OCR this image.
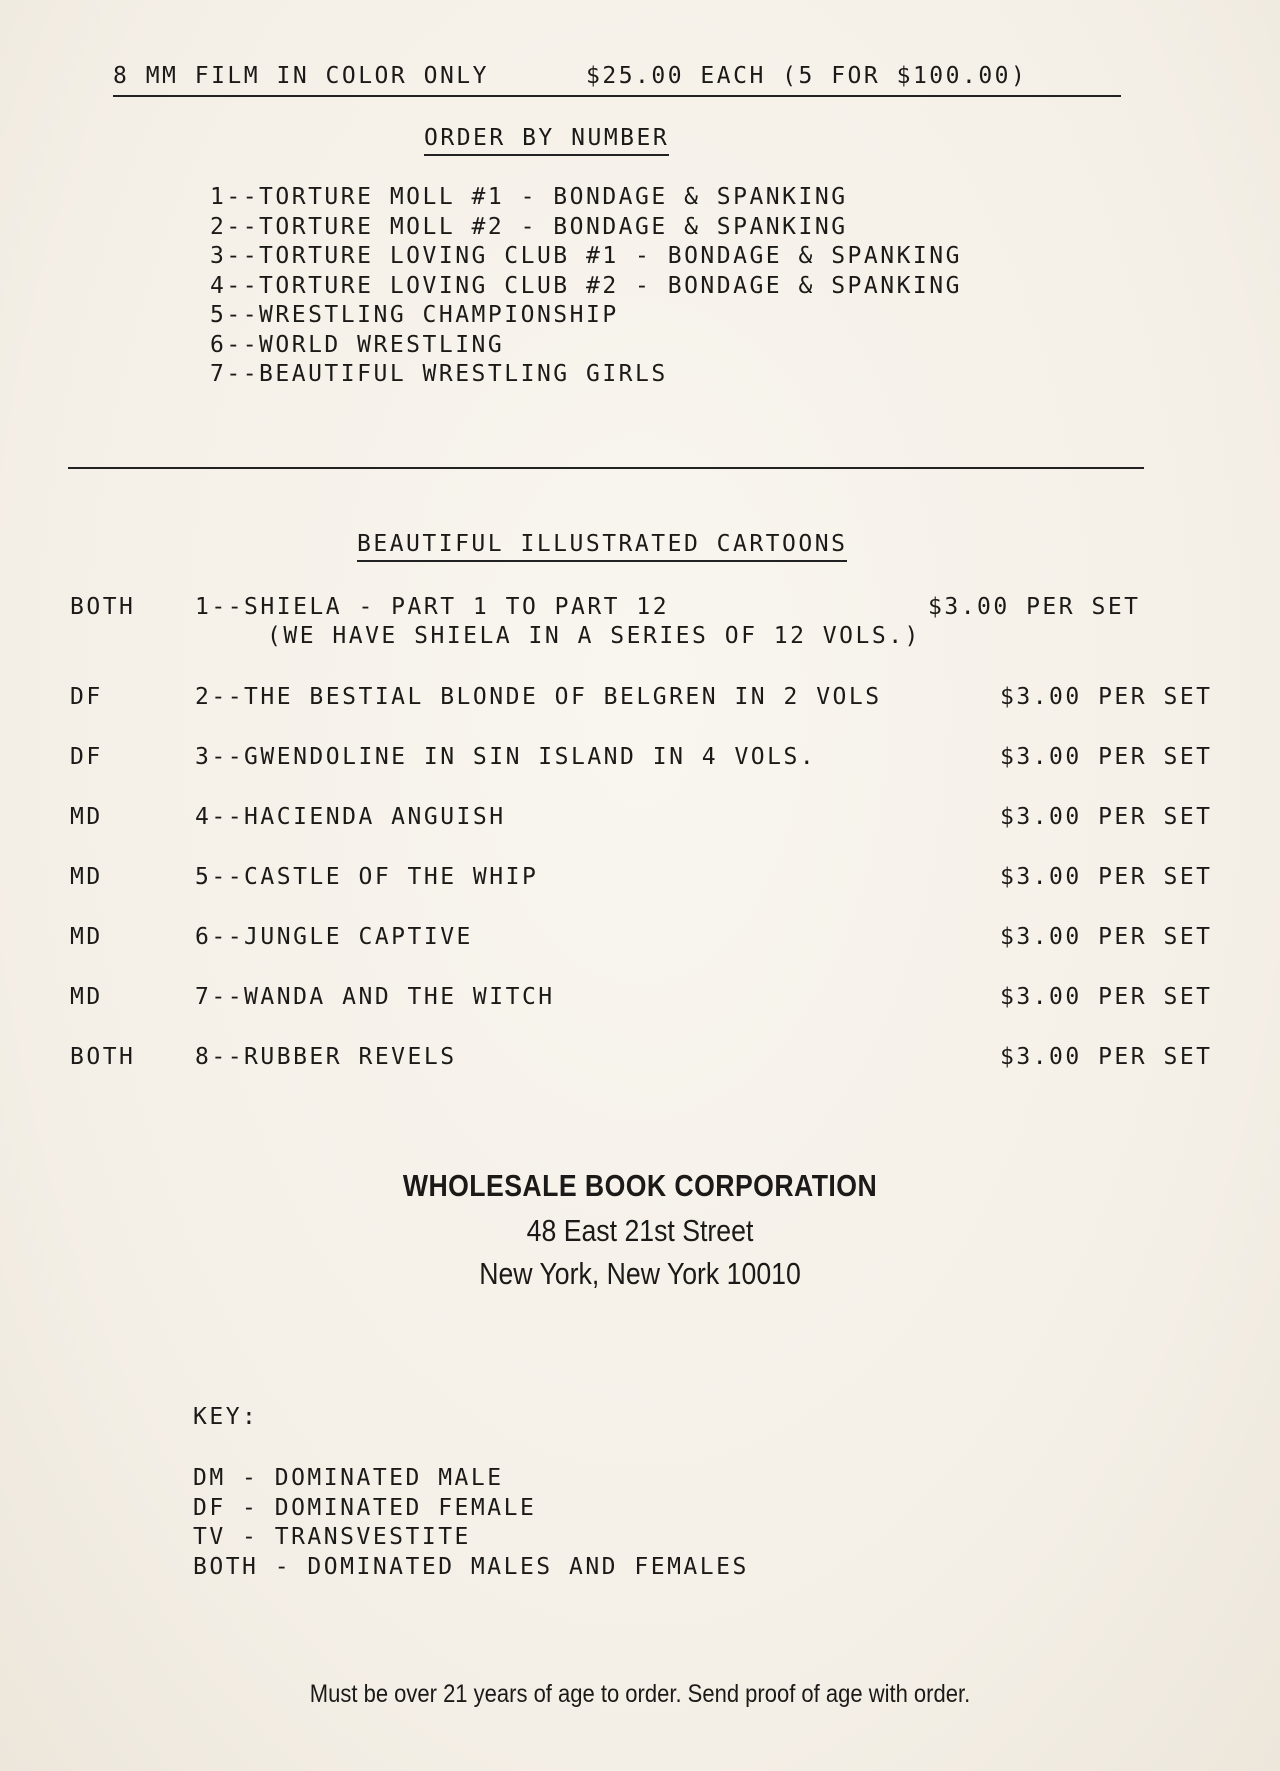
8 MM FILM IN COLOR ONLY	$25.00 EACH (5 FOR $100.00)
ORDER BY NUMBER
1--TORTURE MOLL #1 - BONDAGE & SPANKING
2--TORTURE MOLL #2 - BONDAGE & SPANKING
3--TORTURE LOVING CLUB #1 - BONDAGE & SPANKING
4--TORTURE LOVING CLUB #2 - BONDAGE & SPANKING
5--WRESTLING CHAMPIONSHIP
6--WORLD WRESTLING
7--BEAUTIFUL WRESTLING GIRLS
BEAUTIFUL ILLUSTRATED CARTOONS
BOTH	1--SHIELA - PART 1 TO PART 12	$3.00 PER SET
(WE HAVE SHIELA IN A SERIES OF 12 VOLS.)
DF	2--THE BESTIAL BLONDE OF BELGREN IN 2 VOLS	$3.00 PER SET
DF	3--GWENDOLINE IN SIN ISLAND IN 4 VOLS.	$3.00 PER SET
MD	4--HACIENDA ANGUISH	$3.00 PER SET
MD	5--CASTLE OF THE WHIP	$3.00 PER SET
MD	6--JUNGLE CAPTIVE	$3.00 PER SET
MD	7--WANDA AND THE WITCH	$3.00 PER SET
BOTH	8--RUBBER REVELS	$3.00 PER SET
WHOLESALE BOOK CORPORATION
48 East 21st Street
New York, New York 10010
KEY:
DM - DOMINATED MALE
DF - DOMINATED FEMALE
TV - TRANSVESTITE
BOTH - DOMINATED MALES AND FEMALES
Must be over 21 years of age to order. Send proof of age with order.
